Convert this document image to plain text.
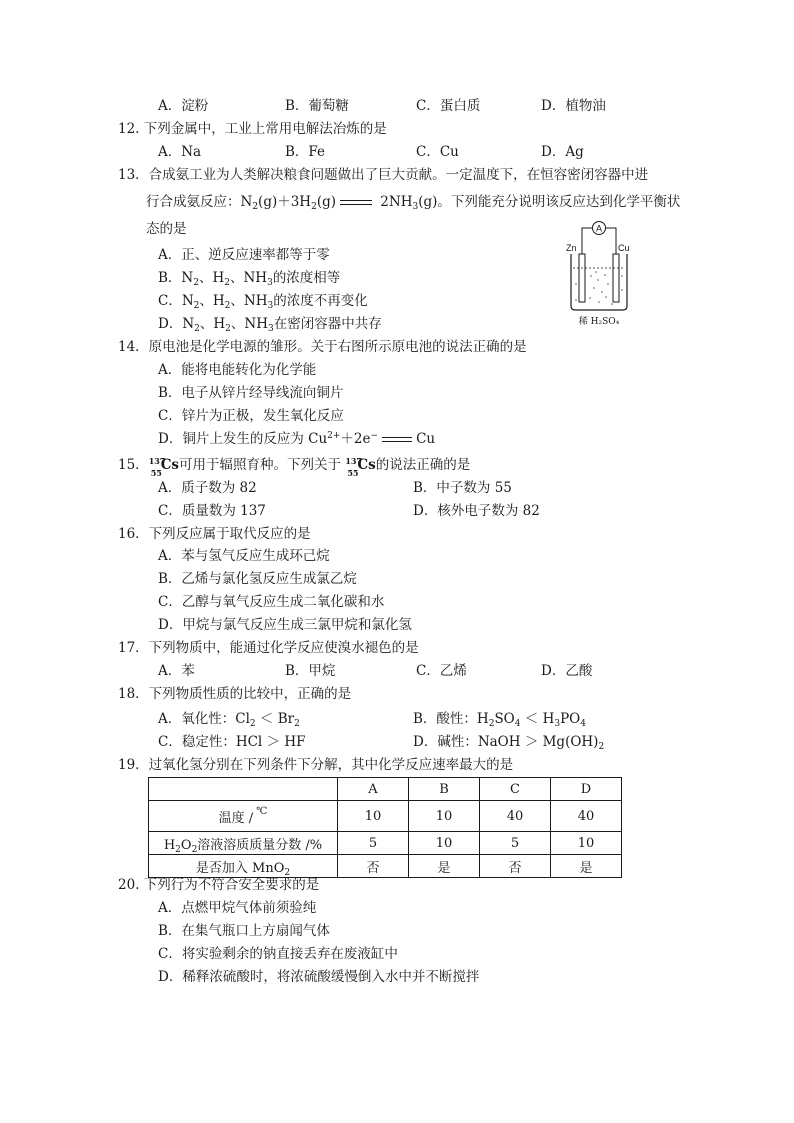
A．淀粉	B．葡萄糖	C．蛋白质	D．植物油
12. 下列金属中，工业上常用电解法冶炼的是
A．Na	B．Fe	C．Cu	D．Ag
13．合成氨工业为人类解决粮食问题做出了巨大贡献。一定温度下，在恒容密闭容器中进
行合成氨反应：$N_2(g)+3H_2(g)$	$2NH_3(g)$。下列能充分说明该反应达到化学平衡状
态的是
A．正、逆反应速率都等于零
B．$N_2$、$H_2$、$NH_3$的浓度相等
C．$N_2$、$H_2$、$NH_3$的浓度不再变化
D．$N_2$、$H_2$、$NH_3$在密闭容器中共存
A
Zn	Cu
稀 H₂SO₄
14．原电池是化学电源的雏形。关于右图所示原电池的说法正确的是
A．能将电能转化为化学能
B．电子从锌片经导线流向铜片
C．锌片为正极，发生氧化反应
D．铜片上发生的反应为 $Cu^{2+}+2e^-$	Cu
15． 137
55
Cs可用于辐照育种。下列关于 137
55
Cs的说法正确的是
A．质子数为 82	B．中子数为 55
C．质量数为 137	D．核外电子数为 82
16．下列反应属于取代反应的是
A．苯与氢气反应生成环己烷
B．乙烯与氯化氢反应生成氯乙烷
C．乙醇与氧气反应生成二氧化碳和水
D．甲烷与氯气反应生成三氯甲烷和氯化氢
17．下列物质中，能通过化学反应使溴水褪色的是
A．苯	B．甲烷	C．乙烯	D．乙酸
18．下列物质性质的比较中，正确的是
A．氧化性：$Cl_2 < Br_2$	B．酸性：$H_2SO_4 < H_3PO_4$
C．稳定性：HCl ＞ HF	D．碱性：NaOH ＞ $Mg(OH)_2$
19．过氧化氢分别在下列条件下分解，其中化学反应速率最大的是
	A	B	C	D
温度 / ℃	10	10	40	40
$H_2O_2$溶液溶质质量分数 /%	5	10	5	10
是否加入 MnO$_2$	否	是	否	是
20. 下列行为不符合安全要求的是
A．点燃甲烷气体前须验纯
B．在集气瓶口上方扇闻气体
C．将实验剩余的钠直接丢弃在废液缸中
D．稀释浓硫酸时，将浓硫酸缓慢倒入水中并不断搅拌
